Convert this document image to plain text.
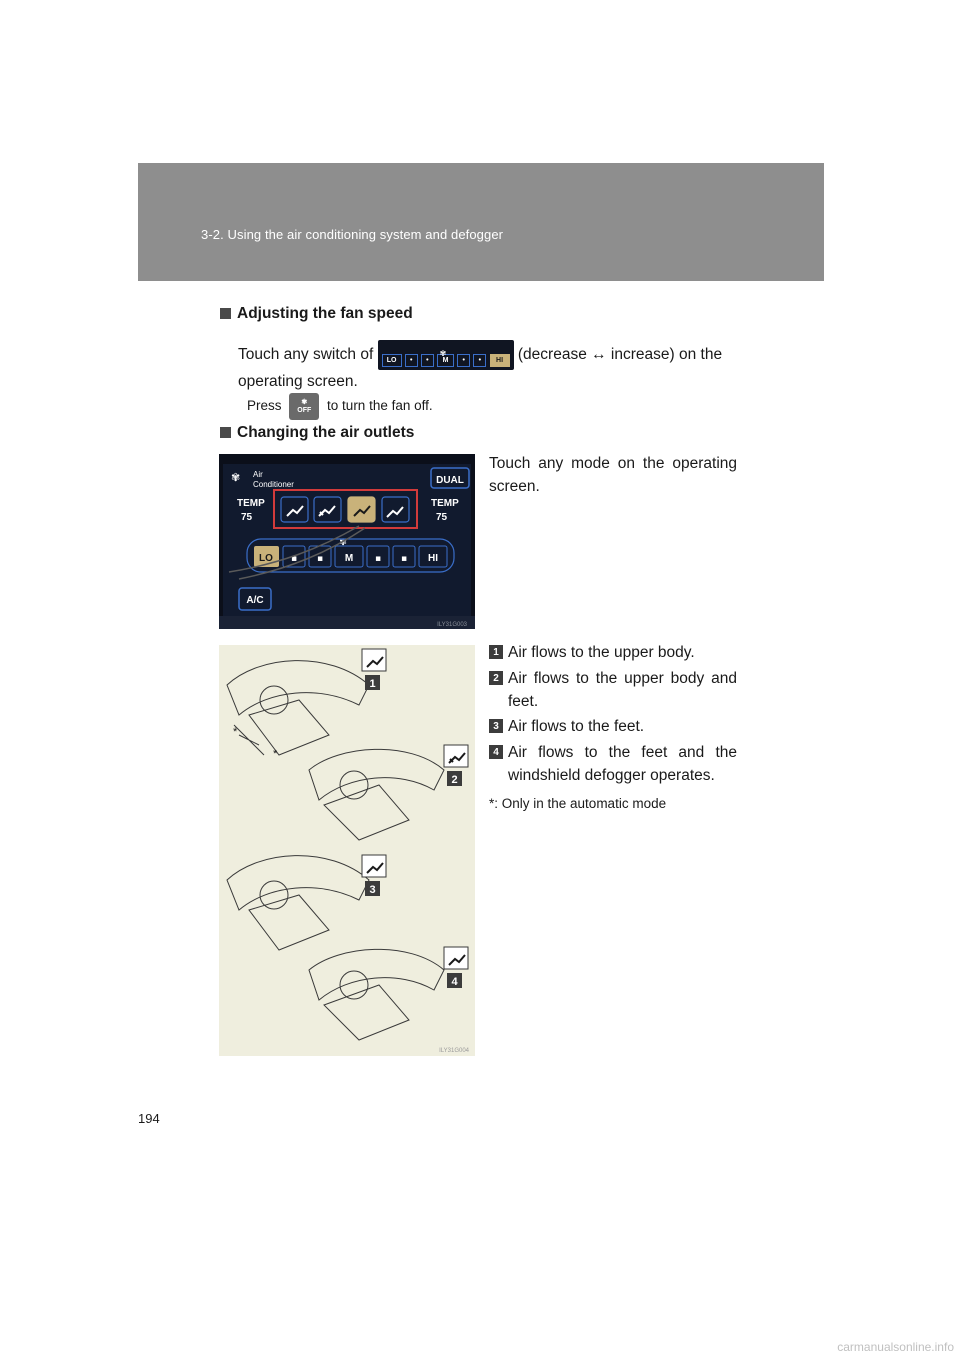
3-2. Using the air conditioning system and defogger
Adjusting the fan speed
Touch any switch of	✾
LO	•	•	M	•	•	HI (decrease ↔ increase) on the
operating screen.
Press	✾
OFF to turn the fan off.
Changing the air outlets
Touch any mode on the operating screen.
✾ Air
Conditioner	DUAL
TEMP
75
TEMP
75
✾
LO ▪ ▪ M ▪ ▪ HI
A/C
ILY31G003
*
*
1
2
3
4
ILY31G004
1 Air flows to the upper body.
2 Air flows to the upper body and feet.
3 Air flows to the feet.
4 Air flows to the feet and the windshield defogger operates.
*: Only in the automatic mode
194
carmanualsonline.info
